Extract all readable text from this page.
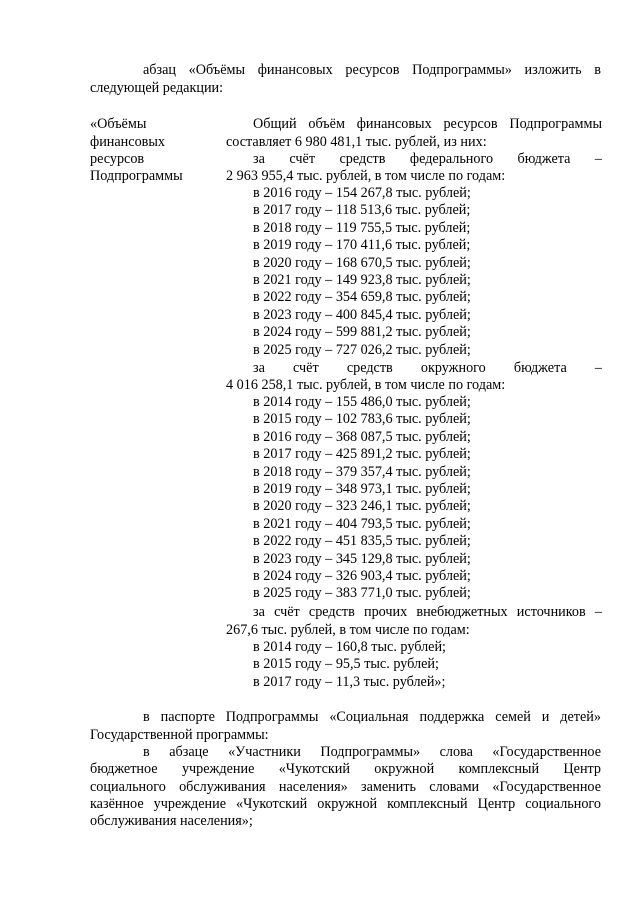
абзац «Объёмы финансовых ресурсов Подпрограммы» изложить в
следующей редакции:
«Объёмы
финансовых
ресурсов
Подпрограммы
Общий объём финансовых ресурсов Подпрограммы
составляет 6 980 481,1 тыс. рублей, из них:
за счёт средств федерального бюджета –
2 963 955,4 тыс. рублей, в том числе по годам:
в 2016 году – 154 267,8 тыс. рублей;
в 2017 году – 118 513,6 тыс. рублей;
в 2018 году – 119 755,5 тыс. рублей;
в 2019 году – 170 411,6 тыс. рублей;
в 2020 году – 168 670,5 тыс. рублей;
в 2021 году – 149 923,8 тыс. рублей;
в 2022 году – 354 659,8 тыс. рублей;
в 2023 году – 400 845,4 тыс. рублей;
в 2024 году – 599 881,2 тыс. рублей;
в 2025 году – 727 026,2 тыс. рублей;
за счёт средств окружного бюджета –
4 016 258,1 тыс. рублей, в том числе по годам:
в 2014 году – 155 486,0 тыс. рублей;
в 2015 году – 102 783,6 тыс. рублей;
в 2016 году – 368 087,5 тыс. рублей;
в 2017 году – 425 891,2 тыс. рублей;
в 2018 году – 379 357,4 тыс. рублей;
в 2019 году – 348 973,1 тыс. рублей;
в 2020 году – 323 246,1 тыс. рублей;
в 2021 году – 404 793,5 тыс. рублей;
в 2022 году – 451 835,5 тыс. рублей;
в 2023 году – 345 129,8 тыс. рублей;
в 2024 году – 326 903,4 тыс. рублей;
в 2025 году – 383 771,0 тыс. рублей;
за счёт средств прочих внебюджетных источников –
267,6 тыс. рублей, в том числе по годам:
в 2014 году – 160,8 тыс. рублей;
в 2015 году – 95,5 тыс. рублей;
в 2017 году – 11,3 тыс. рублей»;
в паспорте Подпрограммы «Социальная поддержка семей и детей»
Государственной программы:
в абзаце «Участники Подпрограммы» слова «Государственное
бюджетное учреждение «Чукотский окружной комплексный Центр
социального обслуживания населения» заменить словами «Государственное
казённое учреждение «Чукотский окружной комплексный Центр социального
обслуживания населения»;
